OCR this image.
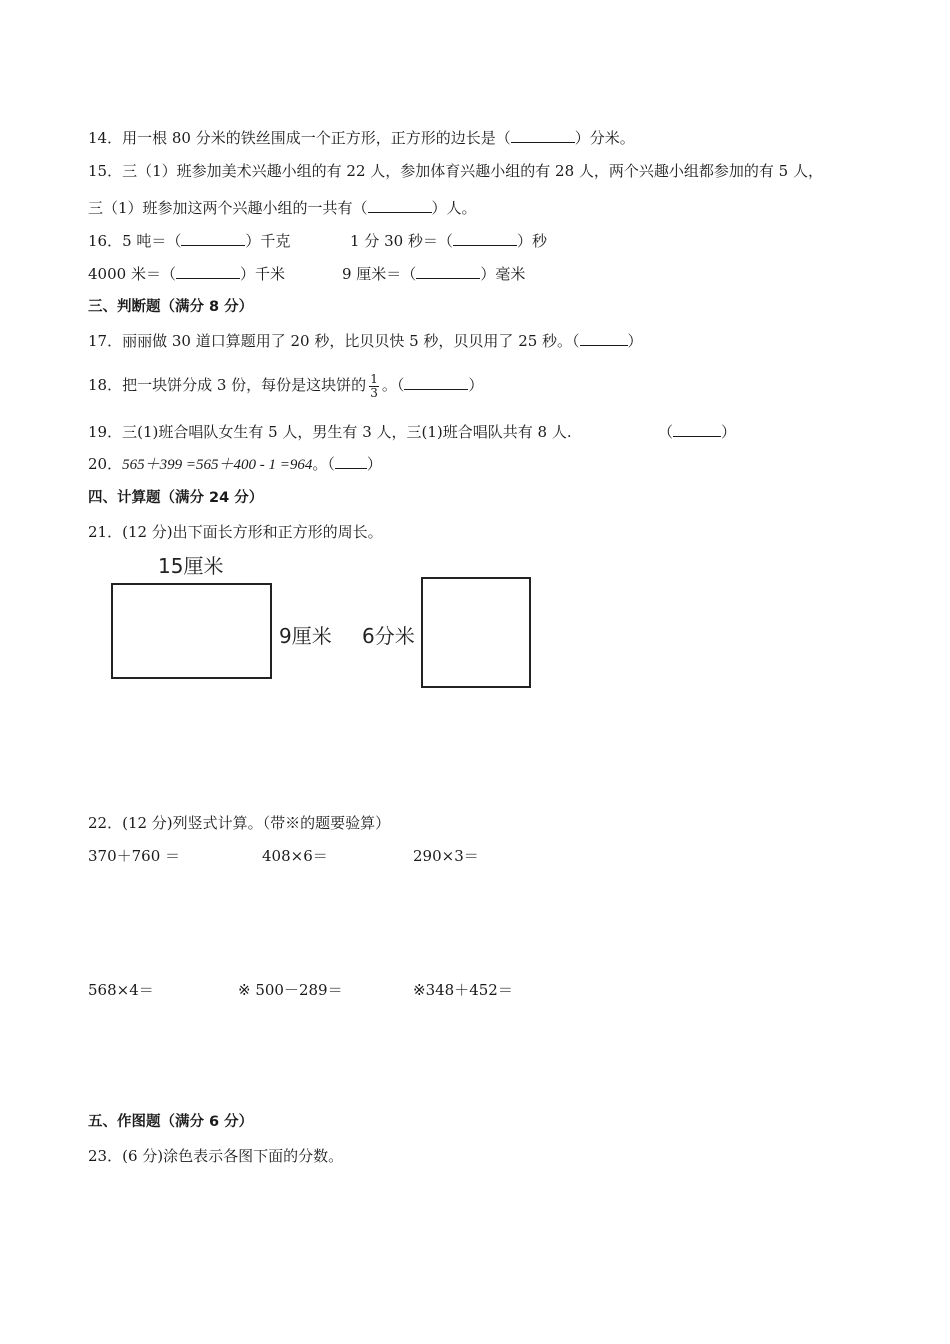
14．用一根 80 分米的铁丝围成一个正方形，正方形的边长是（	）分米。
15．三（1）班参加美术兴趣小组的有 22 人，参加体育兴趣小组的有 28 人，两个兴趣小组都参加的有 5 人，
三（1）班参加这两个兴趣小组的一共有（	）人。
16．5 吨＝（	）千克	1 分 30 秒＝（	）秒
4000 米＝（	）千米	9 厘米＝（	）毫米
三、判断题（满分 8 分）
17．丽丽做 30 道口算题用了 20 秒，比贝贝快 5 秒，贝贝用了 25 秒。（	）
18．把一块饼分成 3 份，每份是这块饼的 $\frac{1}{3}$ 。（	）
19．三(1)班合唱队女生有 5 人，男生有 3 人，三(1)班合唱队共有 8 人.	（	）
20．565＋399 =565＋400 - 1 =964。（ ）
四、计算题（满分 24 分）
21．(12 分)出下面长方形和正方形的周长。
15厘米
9厘米 6分米
22．(12 分)列竖式计算。（带※的题要验算）
370＋760 ＝	408×6＝	290×3＝
568×4＝	※ 500－289＝	※348＋452＝
五、作图题（满分 6 分）
23．(6 分)涂色表示各图下面的分数。
